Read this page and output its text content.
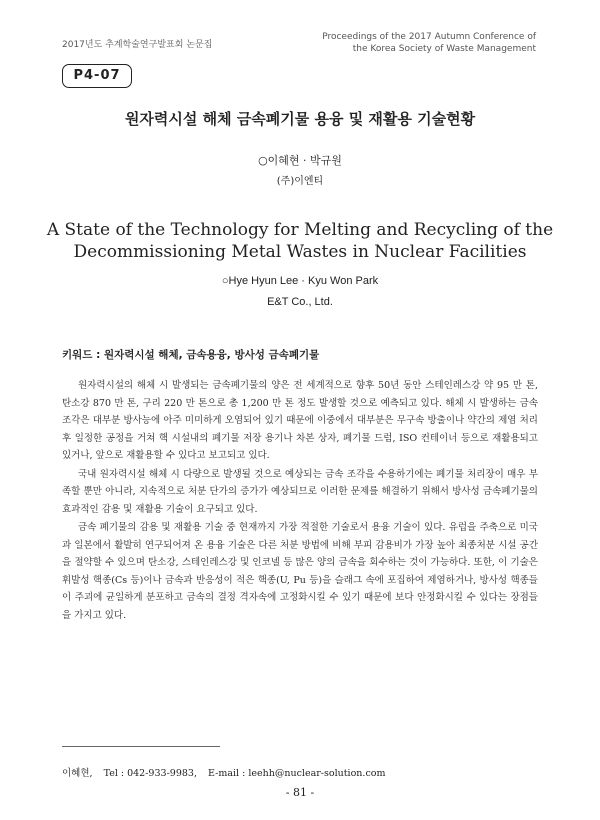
2017년도 추계학술연구발표회 논문집
Proceedings of the 2017 Autumn Conference of
the Korea Society of Waste Management
P4-07
원자력시설 해체 금속폐기물 용융 및 재활용 기술현황
○이혜현 · 박규원
(주)이엔티
A State of the Technology for Melting and Recycling of the
Decommissioning Metal Wastes in Nuclear Facilities
○Hye Hyun Lee · Kyu Won Park
E&T Co., Ltd.
키워드 : 원자력시설 해체, 금속용융, 방사성 금속폐기물

원자력시설의 해체 시 발생되는 금속폐기물의 양은 전 세계적으로 향후 50년 동안 스테인레스강 약 95 만 톤, 탄소강 870 만 톤, 구리 220 만 톤으로 총 1,200 만 톤 정도 발생할 것으로 예측되고 있다. 해체 시 발생하는 금속 조각은 대부분 방사능에 아주 미미하게 오염되어 있기 때문에 이중에서 대부분은 무구속 방출이나 약간의 제염 처리 후 일정한 공정을 거쳐 핵 시설내의 폐기물 저장 용기나 차본 상자, 폐기물 드럼, ISO 컨테이너 등으로 재활용되고 있거나, 앞으로 재활용할 수 있다고 보고되고 있다.

국내 원자력시설 해체 시 다량으로 발생될 것으로 예상되는 금속 조각을 수용하기에는 폐기물 처리장이 매우 부족할 뿐만 아니라, 지속적으로 처분 단가의 증가가 예상되므로 이러한 문제를 해결하기 위해서 방사성 금속폐기물의 효과적인 감용 및 재활용 기술이 요구되고 있다.

금속 폐기물의 감용 및 재활용 기술 중 현재까지 가장 적절한 기술로서 용융 기술이 있다. 유럽을 주축으로 미국과 일본에서 활발히 연구되어져 온 용융 기술은 다른 처분 방법에 비해 부피 감용비가 가장 높아 최종처분 시설 공간을 절약할 수 있으며 탄소강, 스테인레스강 및 인코넬 등 많은 양의 금속을 회수하는 것이 가능하다. 또한, 이 기술은 휘발성 핵종(Cs 등)이나 금속과 반응성이 적은 핵종(U, Pu 등)을 슬래그 속에 포집하여 제염하거나, 방사성 핵종들이 주괴에 균일하게 분포하고 금속의 결정 격자속에 고정화시킬 수 있기 때문에 보다 안정화시킬 수 있다는 장점들을 가지고 있다.

이혜현, Tel : 042-933-9983, E-mail : leehh@nuclear-solution.com
- 81 -
